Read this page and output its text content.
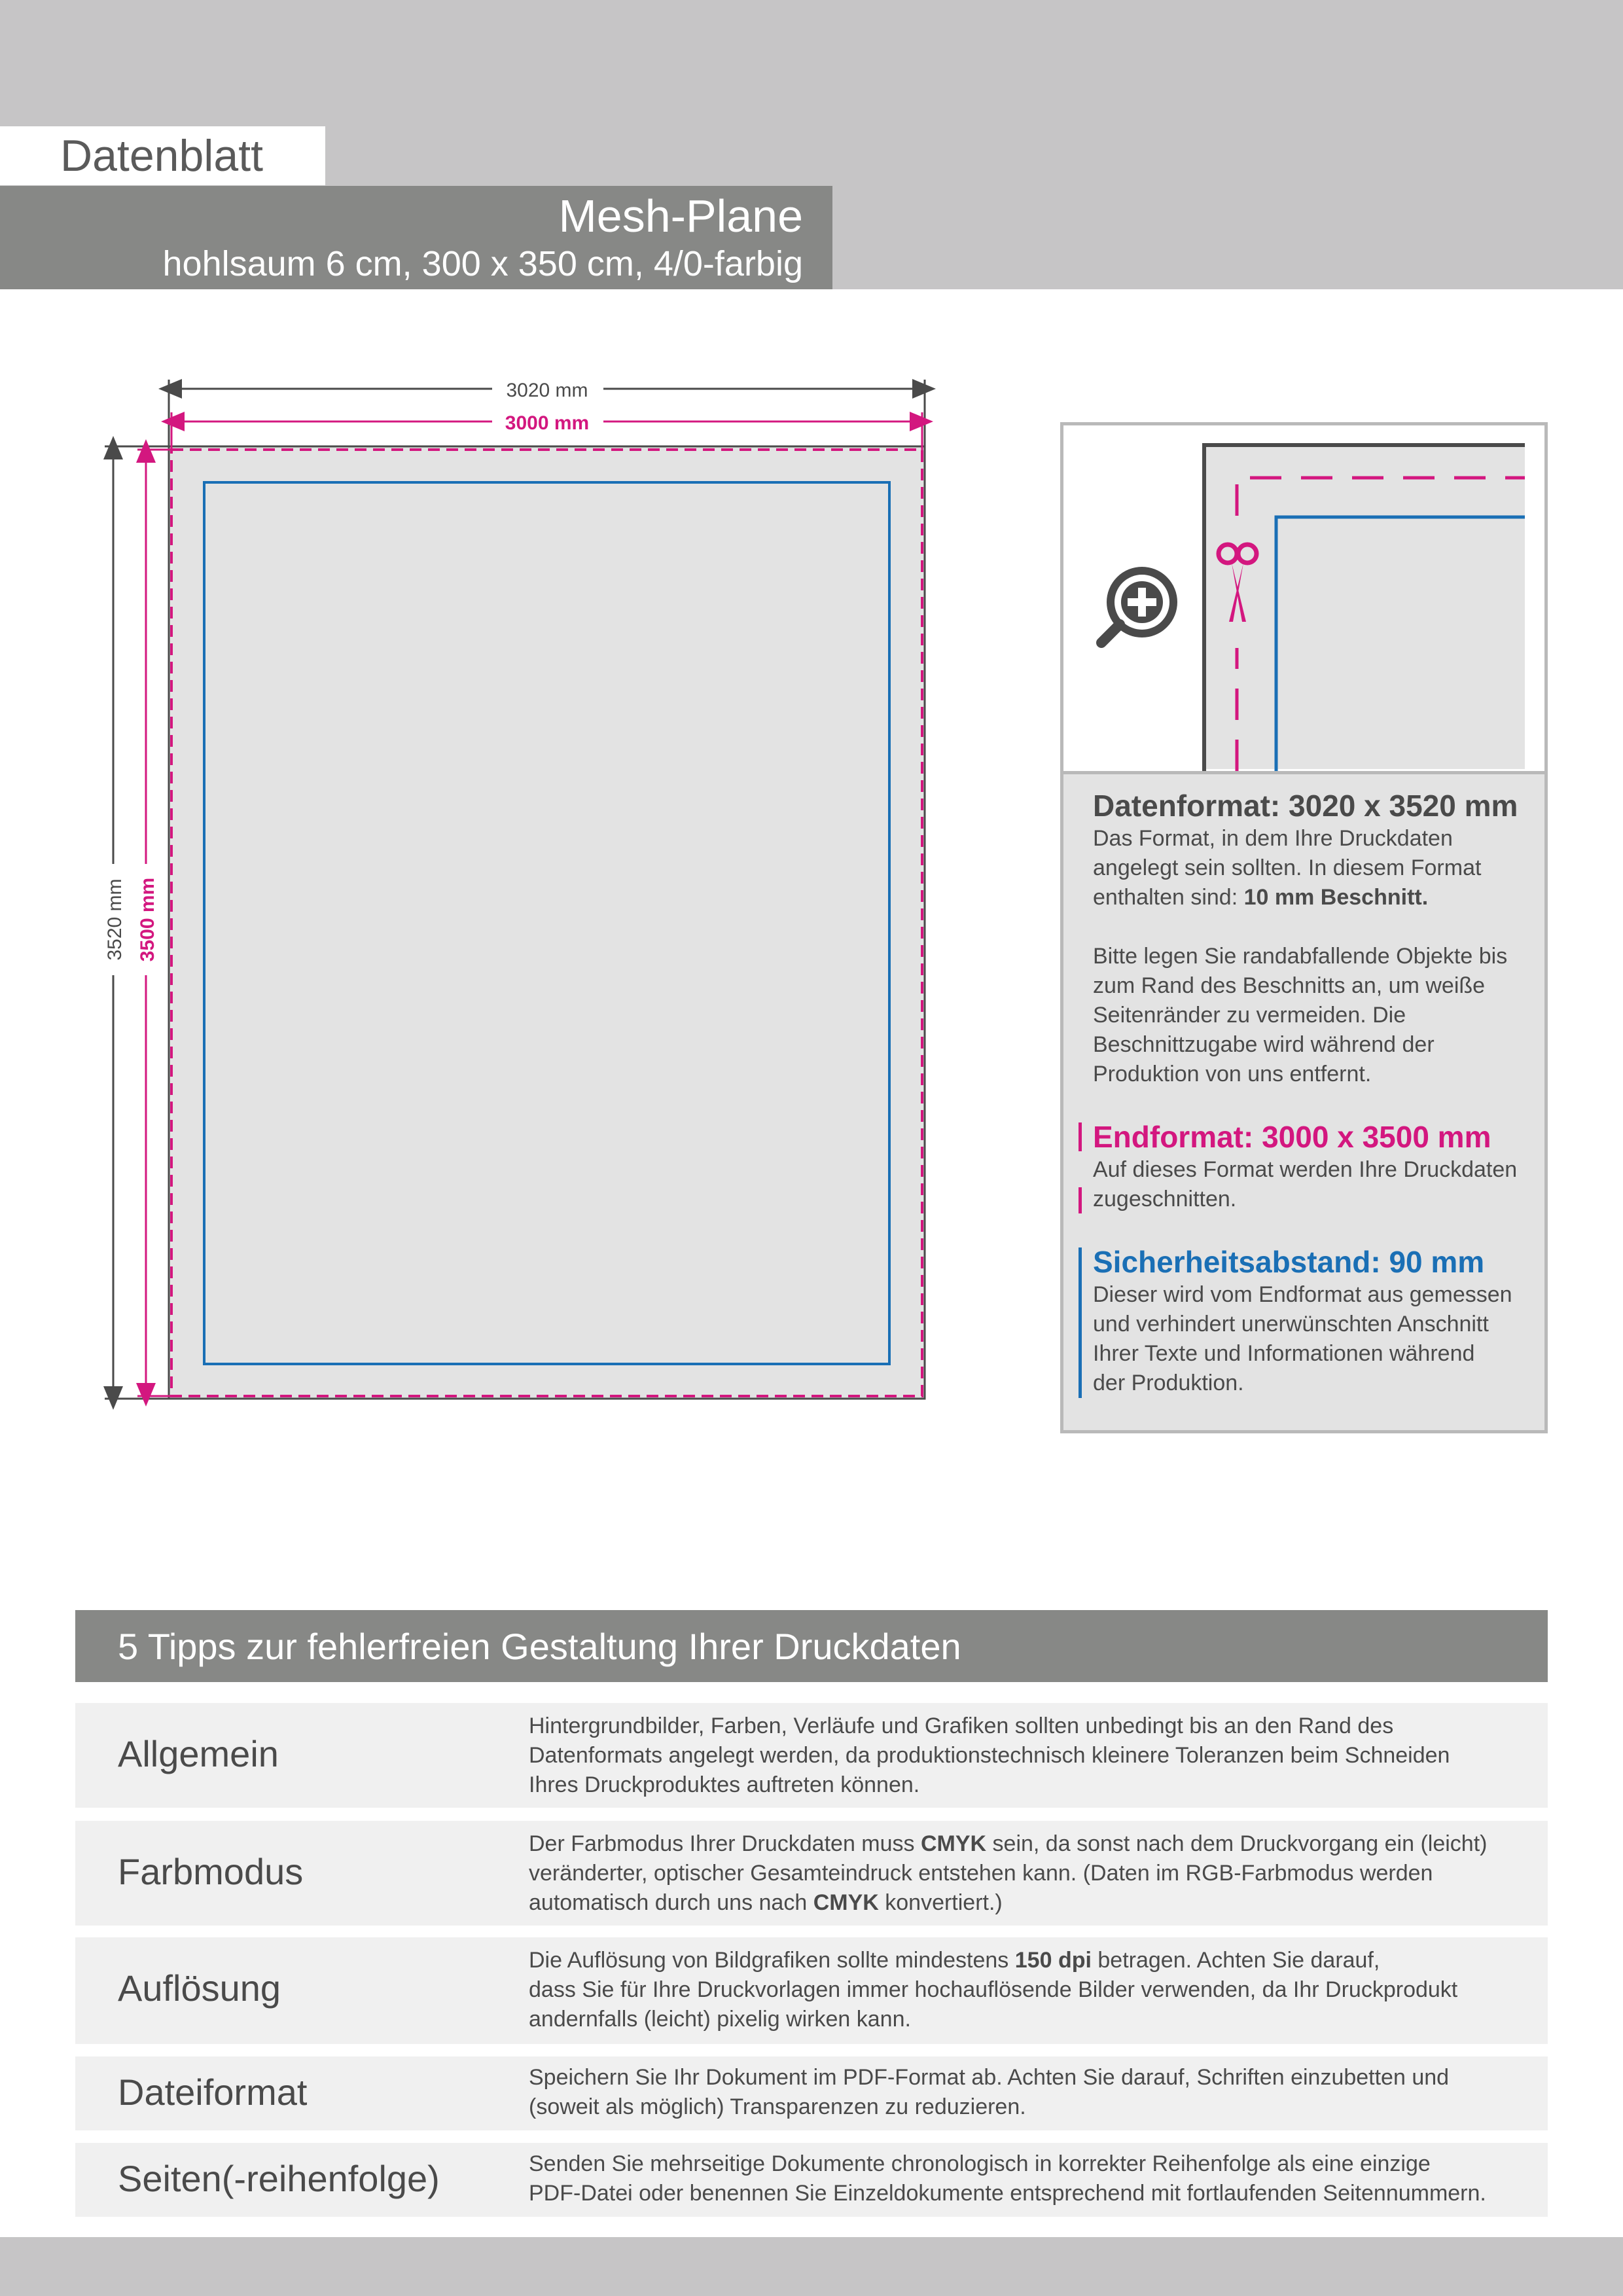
Datenblatt
Mesh-Plane
hohlsaum 6 cm, 300 x 350 cm, 4/0-farbig
3020 mm
3000 mm
3520 mm 3500 mm
Datenformat: 3020 x 3520 mm

Das Format, in dem Ihre Druckdaten

angelegt sein sollten. In diesem Format

enthalten sind: 10 mm Beschnitt.

Bitte legen Sie randabfallende Objekte bis

zum Rand des Beschnitts an, um weiße

Seitenränder zu vermeiden. Die

Beschnittzugabe wird während der

Produktion von uns entfernt.

Endformat: 3000 x 3500 mm

Auf dieses Format werden Ihre Druckdaten

zugeschnitten.

Sicherheitsabstand: 90 mm

Dieser wird vom Endformat aus gemessen

und verhindert unerwünschten Anschnitt

Ihrer Texte und Informationen während

der Produktion.

5 Tipps zur fehlerfreien Gestaltung Ihrer Druckdaten
Allgemein
Hintergrundbilder, Farben, Verläufe und Grafiken sollten unbedingt bis an den Rand des
Datenformats angelegt werden, da produktionstechnisch kleinere Toleranzen beim Schneiden
Ihres Druckproduktes auftreten können.
Farbmodus
Der Farbmodus Ihrer Druckdaten muss CMYK sein, da sonst nach dem Druckvorgang ein (leicht)
veränderter, optischer Gesamteindruck entstehen kann. (Daten im RGB-Farbmodus werden
automatisch durch uns nach CMYK konvertiert.)
Auflösung
Die Auflösung von Bildgrafiken sollte mindestens 150 dpi betragen. Achten Sie darauf,
dass Sie für Ihre Druckvorlagen immer hochauflösende Bilder verwenden, da Ihr Druckprodukt
andernfalls (leicht) pixelig wirken kann.
Dateiformat	Speichern Sie Ihr Dokument im PDF-Format ab. Achten Sie darauf, Schriften einzubetten und
(soweit als möglich) Transparenzen zu reduzieren.
Seiten(-reihenfolge)	Senden Sie mehrseitige Dokumente chronologisch in korrekter Reihenfolge als eine einzige
PDF-Datei oder benennen Sie Einzeldokumente entsprechend mit fortlaufenden Seitennummern.
